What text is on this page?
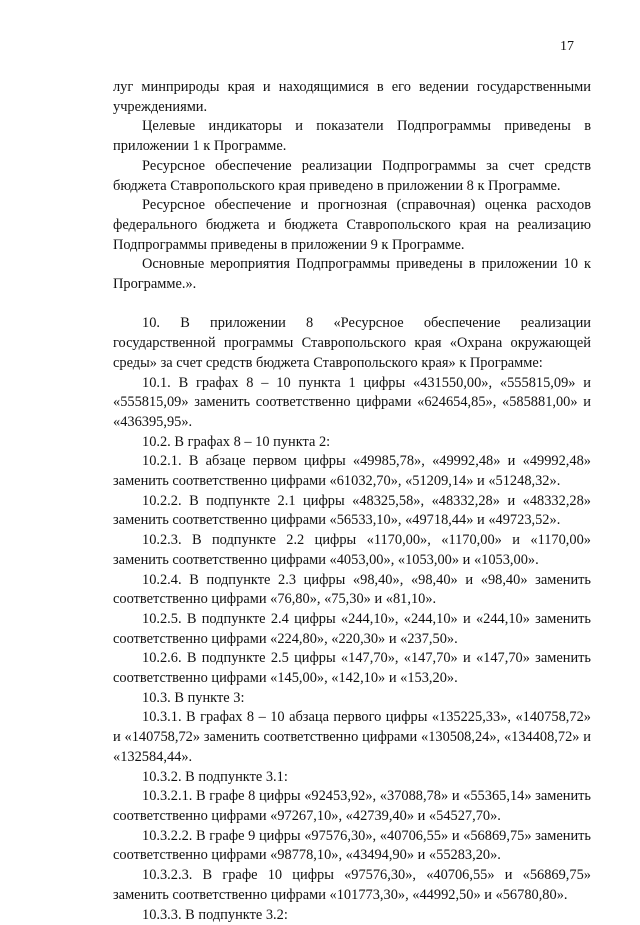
17

луг минприроды края и находящимися в его ведении государственными учреждениями.

Целевые индикаторы и показатели Подпрограммы приведены в приложении 1 к Программе.

Ресурсное обеспечение реализации Подпрограммы за счет средств бюджета Ставропольского края приведено в приложении 8 к Программе.

Ресурсное обеспечение и прогнозная (справочная) оценка расходов федерального бюджета и бюджета Ставропольского края на реализацию Подпрограммы приведены в приложении 9 к Программе.

Основные мероприятия Подпрограммы приведены в приложении 10 к Программе.».

10. В приложении 8 «Ресурсное обеспечение реализации государственной программы Ставропольского края «Охрана окружающей среды» за счет средств бюджета Ставропольского края» к Программе:

10.1. В графах 8 – 10 пункта 1 цифры «431550,00», «555815,09» и «555815,09» заменить соответственно цифрами «624654,85», «585881,00» и «436395,95».

10.2. В графах 8 – 10 пункта 2:

10.2.1. В абзаце первом цифры «49985,78», «49992,48» и «49992,48» заменить соответственно цифрами «61032,70», «51209,14» и «51248,32».

10.2.2. В подпункте 2.1 цифры «48325,58», «48332,28» и «48332,28» заменить соответственно цифрами «56533,10», «49718,44» и «49723,52».

10.2.3. В подпункте 2.2 цифры «1170,00», «1170,00» и «1170,00» заменить соответственно цифрами «4053,00», «1053,00» и «1053,00».

10.2.4. В подпункте 2.3 цифры «98,40», «98,40» и «98,40» заменить соответственно цифрами «76,80», «75,30» и «81,10».

10.2.5. В подпункте 2.4 цифры «244,10», «244,10» и «244,10» заменить соответственно цифрами «224,80», «220,30» и «237,50».

10.2.6. В подпункте 2.5 цифры «147,70», «147,70» и «147,70» заменить соответственно цифрами «145,00», «142,10» и «153,20».

10.3. В пункте 3:

10.3.1. В графах 8 – 10 абзаца первого цифры «135225,33», «140758,72» и «140758,72» заменить соответственно цифрами «130508,24», «134408,72» и «132584,44».

10.3.2. В подпункте 3.1:

10.3.2.1. В графе 8 цифры «92453,92», «37088,78» и «55365,14» заменить соответственно цифрами «97267,10», «42739,40» и «54527,70».

10.3.2.2. В графе 9 цифры «97576,30», «40706,55» и «56869,75» заменить соответственно цифрами «98778,10», «43494,90» и «55283,20».

10.3.2.3. В графе 10 цифры «97576,30», «40706,55» и «56869,75» заменить соответственно цифрами «101773,30», «44992,50» и «56780,80».

10.3.3. В подпункте 3.2:
